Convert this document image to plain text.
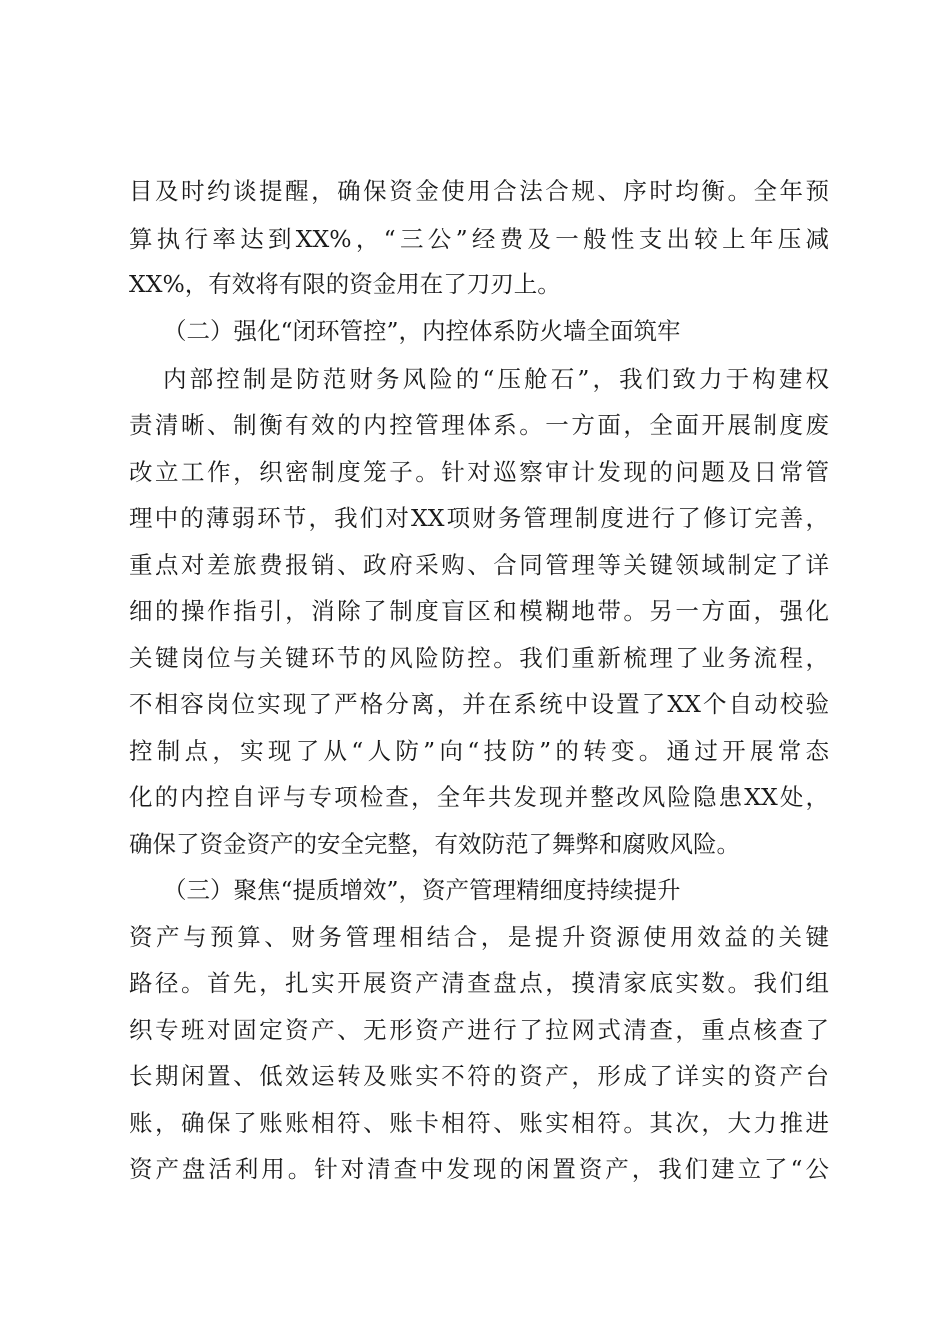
目及时约谈提醒，确保资金使用合法合规、序时均衡。全年预
算执行率达到XX%，“三公”经费及一般性支出较上年压减
XX%，有效将有限的资金用在了刀刃上。
（二）强化“闭环管控”，内控体系防火墙全面筑牢
内部控制是防范财务风险的“压舱石”，我们致力于构建权
责清晰、制衡有效的内控管理体系。一方面，全面开展制度废
改立工作，织密制度笼子。针对巡察审计发现的问题及日常管
理中的薄弱环节，我们对XX项财务管理制度进行了修订完善，
重点对差旅费报销、政府采购、合同管理等关键领域制定了详
细的操作指引，消除了制度盲区和模糊地带。另一方面，强化
关键岗位与关键环节的风险防控。我们重新梳理了业务流程，
不相容岗位实现了严格分离，并在系统中设置了XX个自动校验
控制点，实现了从“人防”向“技防”的转变。通过开展常态
化的内控自评与专项检查，全年共发现并整改风险隐患XX处，
确保了资金资产的安全完整，有效防范了舞弊和腐败风险。
（三）聚焦“提质增效”，资产管理精细度持续提升
资产与预算、财务管理相结合，是提升资源使用效益的关键
路径。首先，扎实开展资产清查盘点，摸清家底实数。我们组
织专班对固定资产、无形资产进行了拉网式清查，重点核查了
长期闲置、低效运转及账实不符的资产，形成了详实的资产台
账，确保了账账相符、账卡相符、账实相符。其次，大力推进
资产盘活利用。针对清查中发现的闲置资产，我们建立了“公
